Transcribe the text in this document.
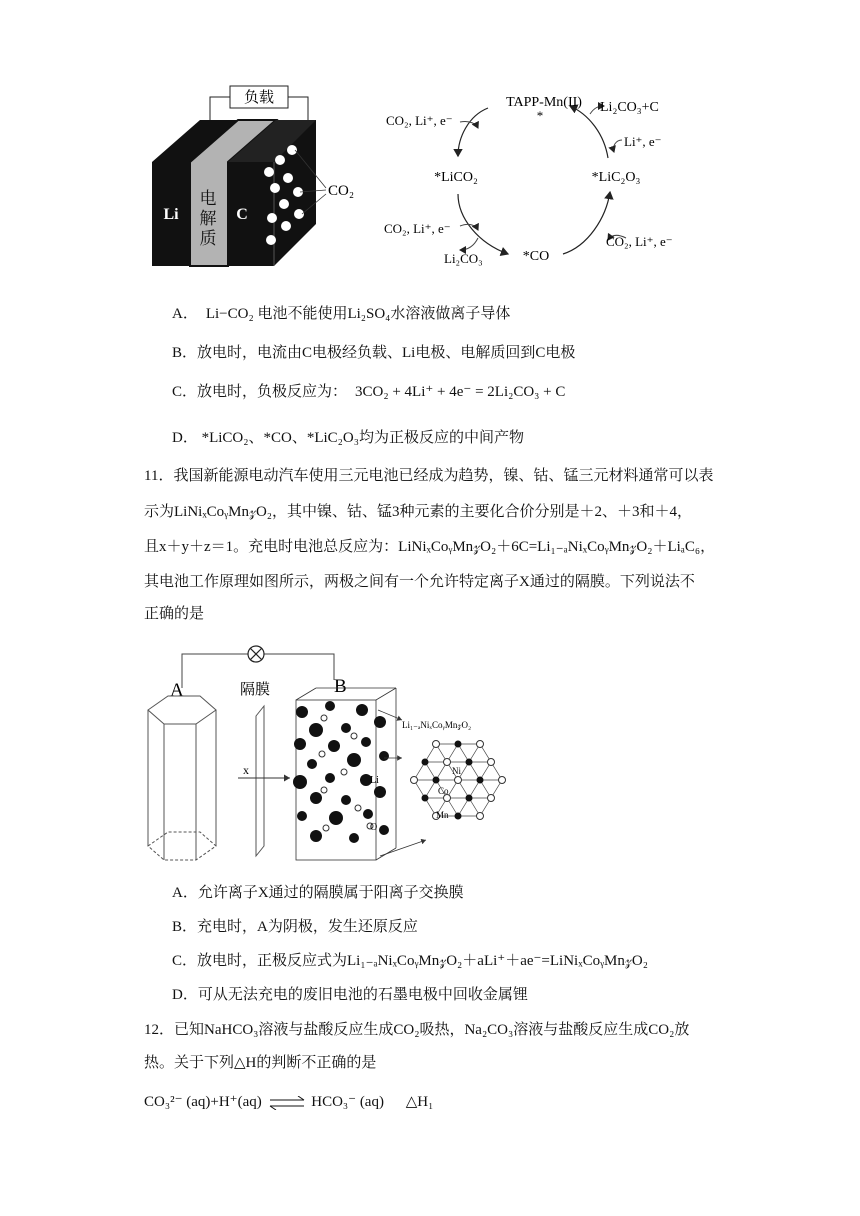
负载
Li
电
解
质
C
CO₂
TAPP-Mn(II)
*
*LiCO₂	*LiC₂O₃
*CO
CO₂, Li⁺, e⁻
CO₂, Li⁺, e⁻
Li₂CO₃
CO₂, Li⁺, e⁻
Li₂CO₃+C
Li⁺, e⁻
A． Li−CO₂ 电池不能使用Li₂SO₄水溶液做离子导体
B．放电时，电流由C电极经负载、Li电极、电解质回到C电极
C．放电时，负极反应为： 3CO₂ + 4Li⁺ + 4e⁻ = 2Li₂CO₃ + C
D． *LiCO₂、*CO、*LiC₂O₃均为正极反应的中间产物
11．我国新能源电动汽车使用三元电池已经成为趋势，镍、钴、锰三元材料通常可以表
示为LiNiₓCoᵧMn𝓏O₂，其中镍、钴、锰3种元素的主要化合价分别是＋2、＋3和＋4，
且x＋y＋z＝1。充电时电池总反应为：LiNiₓCoᵧMn𝓏O₂＋6C=Li₁₋ₐNiₓCoᵧMn𝓏O₂＋LiₐC₆，
其电池工作原理如图所示，两极之间有一个允许特定离子X通过的隔膜。下列说法不
正确的是
A	B
隔膜
x
Li
O
Li₁₋ₐNiₓCoᵧMn𝓏O₂
Ni
Co
Mn
A．允许离子X通过的隔膜属于阳离子交换膜
B．充电时，A为阴极，发生还原反应
C．放电时，正极反应式为Li₁₋ₐNiₓCoᵧMn𝓏O₂＋aLi⁺＋ae⁻=LiNiₓCoᵧMn𝓏O₂
D．可从无法充电的废旧电池的石墨电极中回收金属锂
12．已知NaHCO₃溶液与盐酸反应生成CO₂吸热，Na₂CO₃溶液与盐酸反应生成CO₂放
热。关于下列△H的判断不正确的是
CO₃²⁻ (aq)+H⁺(aq) ⇌ HCO₃⁻ (aq) △H₁
